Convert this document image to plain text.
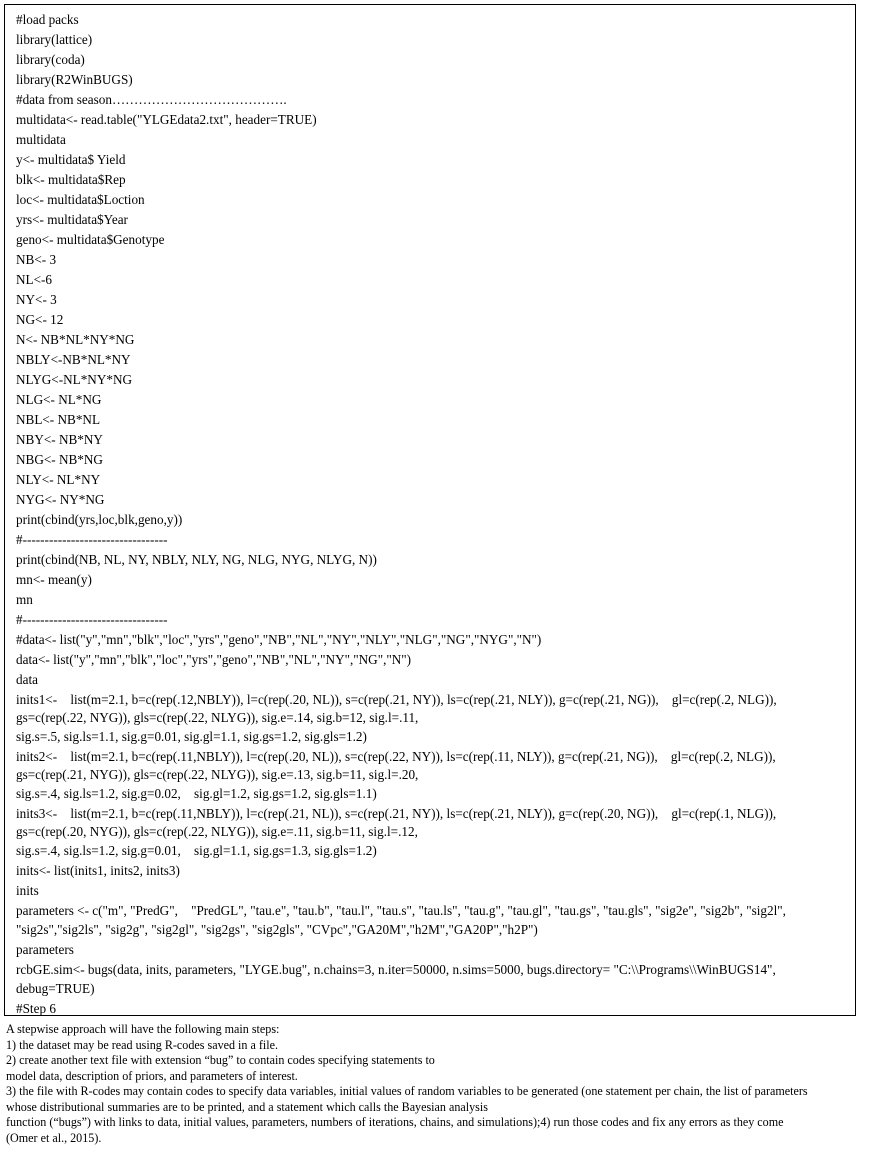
#load packs
library(lattice)
library(coda)
library(R2WinBUGS)
#data from season………………………………….
multidata<- read.table("YLGEdata2.txt", header=TRUE)
multidata
y<- multidata$ Yield
blk<- multidata$Rep
loc<- multidata$Loction
yrs<- multidata$Year
geno<- multidata$Genotype
NB<- 3
NL<-6
NY<- 3
NG<- 12
N<- NB*NL*NY*NG
NBLY<-NB*NL*NY
NLYG<-NL*NY*NG
NLG<- NL*NG
NBL<- NB*NL
NBY<- NB*NY
NBG<- NB*NG
NLY<- NL*NY
NYG<- NY*NG
print(cbind(yrs,loc,blk,geno,y))
#---------------------------------
print(cbind(NB, NL, NY, NBLY, NLY, NG, NLG, NYG, NLYG, N))
mn<- mean(y)
mn
#---------------------------------
#data<- list("y","mn","blk","loc","yrs","geno","NB","NL","NY","NLY","NLG","NG","NYG","N")
data<- list("y","mn","blk","loc","yrs","geno","NB","NL","NY","NG","N")
data
inits1<-    list(m=2.1, b=c(rep(.12,NBLY)), l=c(rep(.20, NL)), s=c(rep(.21, NY)), ls=c(rep(.21, NLY)), g=c(rep(.21, NG)),    gl=c(rep(.2, NLG)),
gs=c(rep(.22, NYG)), gls=c(rep(.22, NLYG)), sig.e=.14, sig.b=12, sig.l=.11,
sig.s=.5, sig.ls=1.1, sig.g=0.01, sig.gl=1.1, sig.gs=1.2, sig.gls=1.2)
inits2<-    list(m=2.1, b=c(rep(.11,NBLY)), l=c(rep(.20, NL)), s=c(rep(.22, NY)), ls=c(rep(.11, NLY)), g=c(rep(.21, NG)),    gl=c(rep(.2, NLG)),
gs=c(rep(.21, NYG)), gls=c(rep(.22, NLYG)), sig.e=.13, sig.b=11, sig.l=.20,
sig.s=.4, sig.ls=1.2, sig.g=0.02,    sig.gl=1.2, sig.gs=1.2, sig.gls=1.1)
inits3<-    list(m=2.1, b=c(rep(.11,NBLY)), l=c(rep(.21, NL)), s=c(rep(.21, NY)), ls=c(rep(.21, NLY)), g=c(rep(.20, NG)),    gl=c(rep(.1, NLG)),
gs=c(rep(.20, NYG)), gls=c(rep(.22, NLYG)), sig.e=.11, sig.b=11, sig.l=.12,
sig.s=.4, sig.ls=1.2, sig.g=0.01,    sig.gl=1.1, sig.gs=1.3, sig.gls=1.2)
inits<- list(inits1, inits2, inits3)
inits
parameters <- c("m", "PredG",    "PredGL", "tau.e", "tau.b", "tau.l", "tau.s", "tau.ls", "tau.g", "tau.gl", "tau.gs", "tau.gls", "sig2e", "sig2b", "sig2l",
"sig2s","sig2ls", "sig2g", "sig2gl", "sig2gs", "sig2gls", "CVpc","GA20M","h2M","GA20P","h2P")
parameters
rcbGE.sim<- bugs(data, inits, parameters, "LYGE.bug", n.chains=3, n.iter=50000, n.sims=5000, bugs.directory= "C:\\Programs\\WinBUGS14",
debug=TRUE)
#Step 6
A stepwise approach will have the following main steps:
1) the dataset may be read using R-codes saved in a file.
2) create another text file with extension “bug” to contain codes specifying statements to
model data, description of priors, and parameters of interest.
3) the file with R-codes may contain codes to specify data variables, initial values of random variables to be generated (one statement per chain, the list of parameters
whose distributional summaries are to be printed, and a statement which calls the Bayesian analysis
function (“bugs”) with links to data, initial values, parameters, numbers of iterations, chains, and simulations);4) run those codes and fix any errors as they come
(Omer et al., 2015).
